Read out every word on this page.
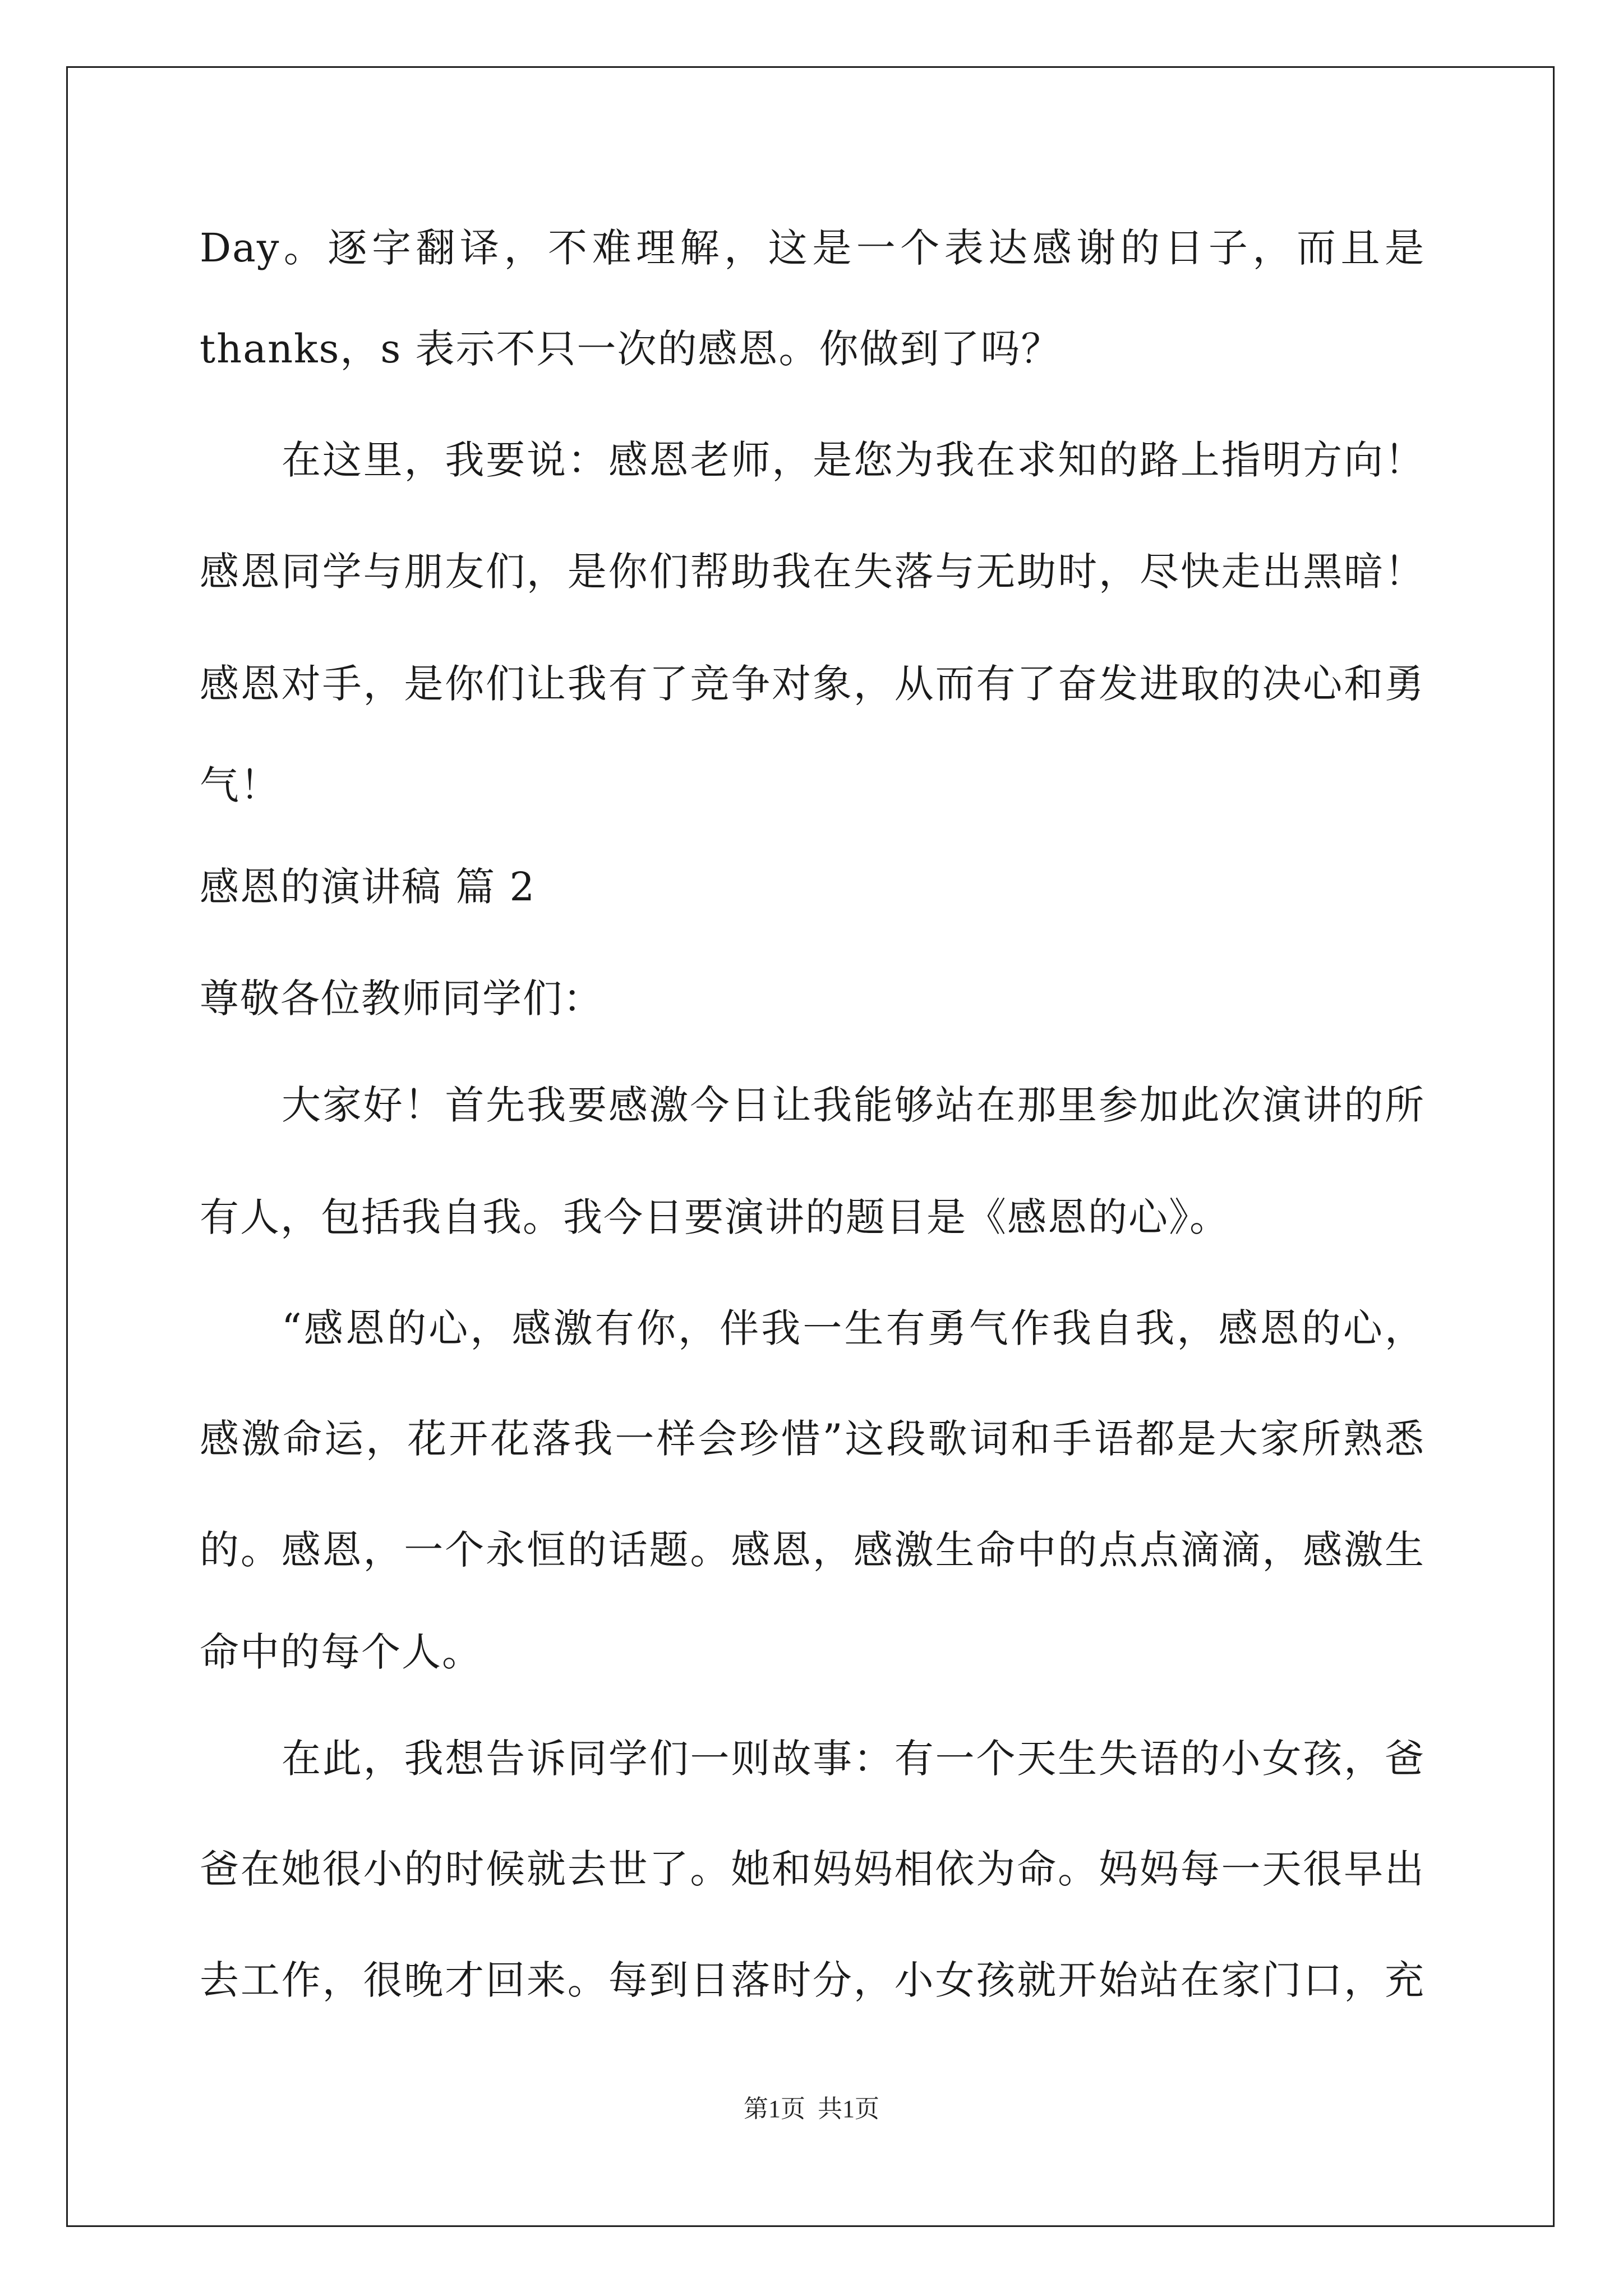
Day。逐字翻译，不难理解，这是一个表达感谢的日子，而且是
thanks，s 表示不只一次的感恩。你做到了吗？
在这里，我要说：感恩老师，是您为我在求知的路上指明方向！
感恩同学与朋友们，是你们帮助我在失落与无助时，尽快走出黑暗！
感恩对手，是你们让我有了竞争对象，从而有了奋发进取的决心和勇
气！
感恩的演讲稿 篇 2
尊敬各位教师同学们：
大家好！首先我要感激今日让我能够站在那里参加此次演讲的所
有人，包括我自我。我今日要演讲的题目是《感恩的心》。
“感恩的心，感激有你，伴我一生有勇气作我自我，感恩的心，
感激命运，花开花落我一样会珍惜”这段歌词和手语都是大家所熟悉
的。感恩，一个永恒的话题。感恩，感激生命中的点点滴滴，感激生
命中的每个人。
在此，我想告诉同学们一则故事：有一个天生失语的小女孩，爸
爸在她很小的时候就去世了。她和妈妈相依为命。妈妈每一天很早出
去工作，很晚才回来。每到日落时分，小女孩就开始站在家门口，充
第1页  共1页
